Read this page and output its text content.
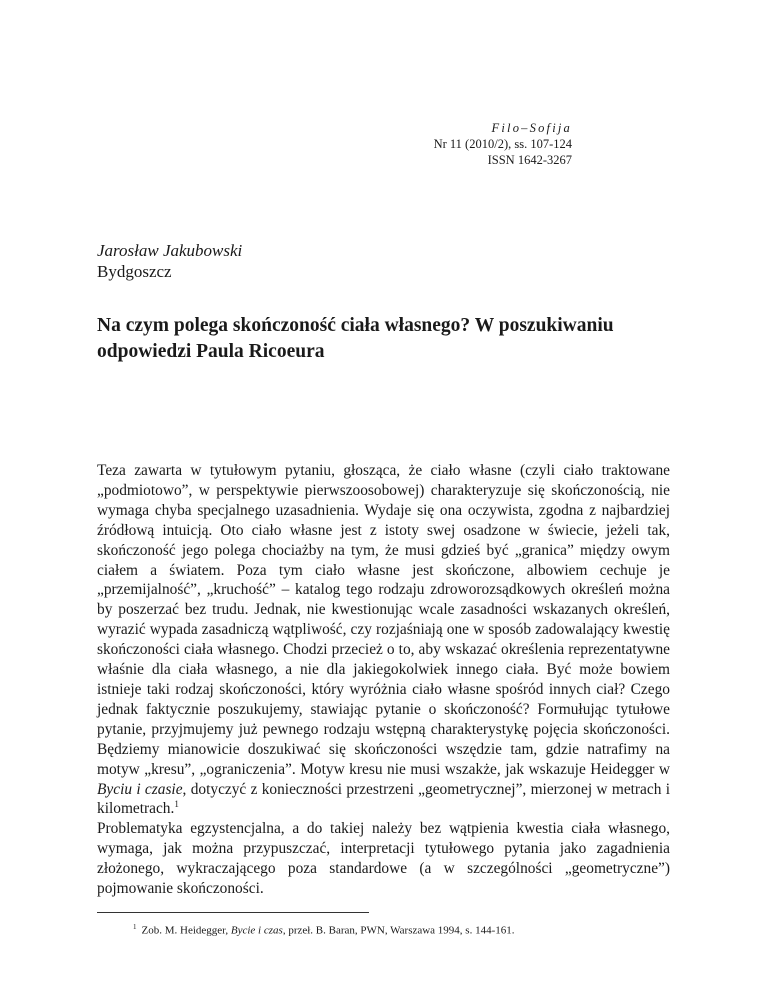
Filo–Sofija
Nr 11 (2010/2), ss. 107-124
ISSN 1642-3267
Jarosław Jakubowski
Bydgoszcz
Na czym polega skończoność ciała własnego? W poszukiwaniu odpowiedzi Paula Ricoeura

Teza zawarta w tytułowym pytaniu, głosząca, że ciało własne (czyli ciało traktowane „podmiotowo”, w perspektywie pierwszoosobowej) charakteryzuje się skończonością, nie wymaga chyba specjalnego uzasadnienia. Wydaje się ona oczywista, zgodna z najbardziej źródłową intuicją. Oto ciało własne jest z istoty swej osadzone w świecie, jeżeli tak, skończoność jego polega chociażby na tym, że musi gdzieś być „granica” między owym ciałem a światem. Poza tym ciało własne jest skończone, albowiem cechuje je „przemijalność”, „kruchość” – katalog tego rodzaju zdroworozsądkowych określeń można by poszerzać bez trudu. Jednak, nie kwestionując wcale zasadności wskazanych określeń, wyrazić wypada zasadniczą wątpliwość, czy rozjaśniają one w sposób zadowalający kwestię skończoności ciała własnego. Chodzi przecież o to, aby wskazać określenia reprezentatywne właśnie dla ciała własnego, a nie dla jakiegokolwiek innego ciała. Być może bowiem istnieje taki rodzaj skończoności, który wyróżnia ciało własne spośród innych ciał? Czego jednak faktycznie poszukujemy, stawiając pytanie o skończoność? Formułując tytułowe pytanie, przyjmujemy już pewnego rodzaju wstępną charakterystykę pojęcia skończoności. Będziemy mianowicie doszukiwać się skończoności wszędzie tam, gdzie natrafimy na motyw „kresu”, „ograniczenia”. Motyw kresu nie musi wszakże, jak wskazuje Heidegger w Byciu i czasie, dotyczyć z konieczności przestrzeni „geometrycznej”, mierzonej w metrach i kilometrach.$^1$
Problematyka egzystencjalna, a do takiej należy bez wątpienia kwestia ciała własnego, wymaga, jak można przypuszczać, interpretacji tytułowego pytania jako zagadnienia złożonego, wykraczającego poza standardowe (a w szczególności „geometryczne”) pojmowanie skończoności.

$^1$ Zob. M. Heidegger, Bycie i czas, przeł. B. Baran, PWN, Warszawa 1994, s. 144-161.
